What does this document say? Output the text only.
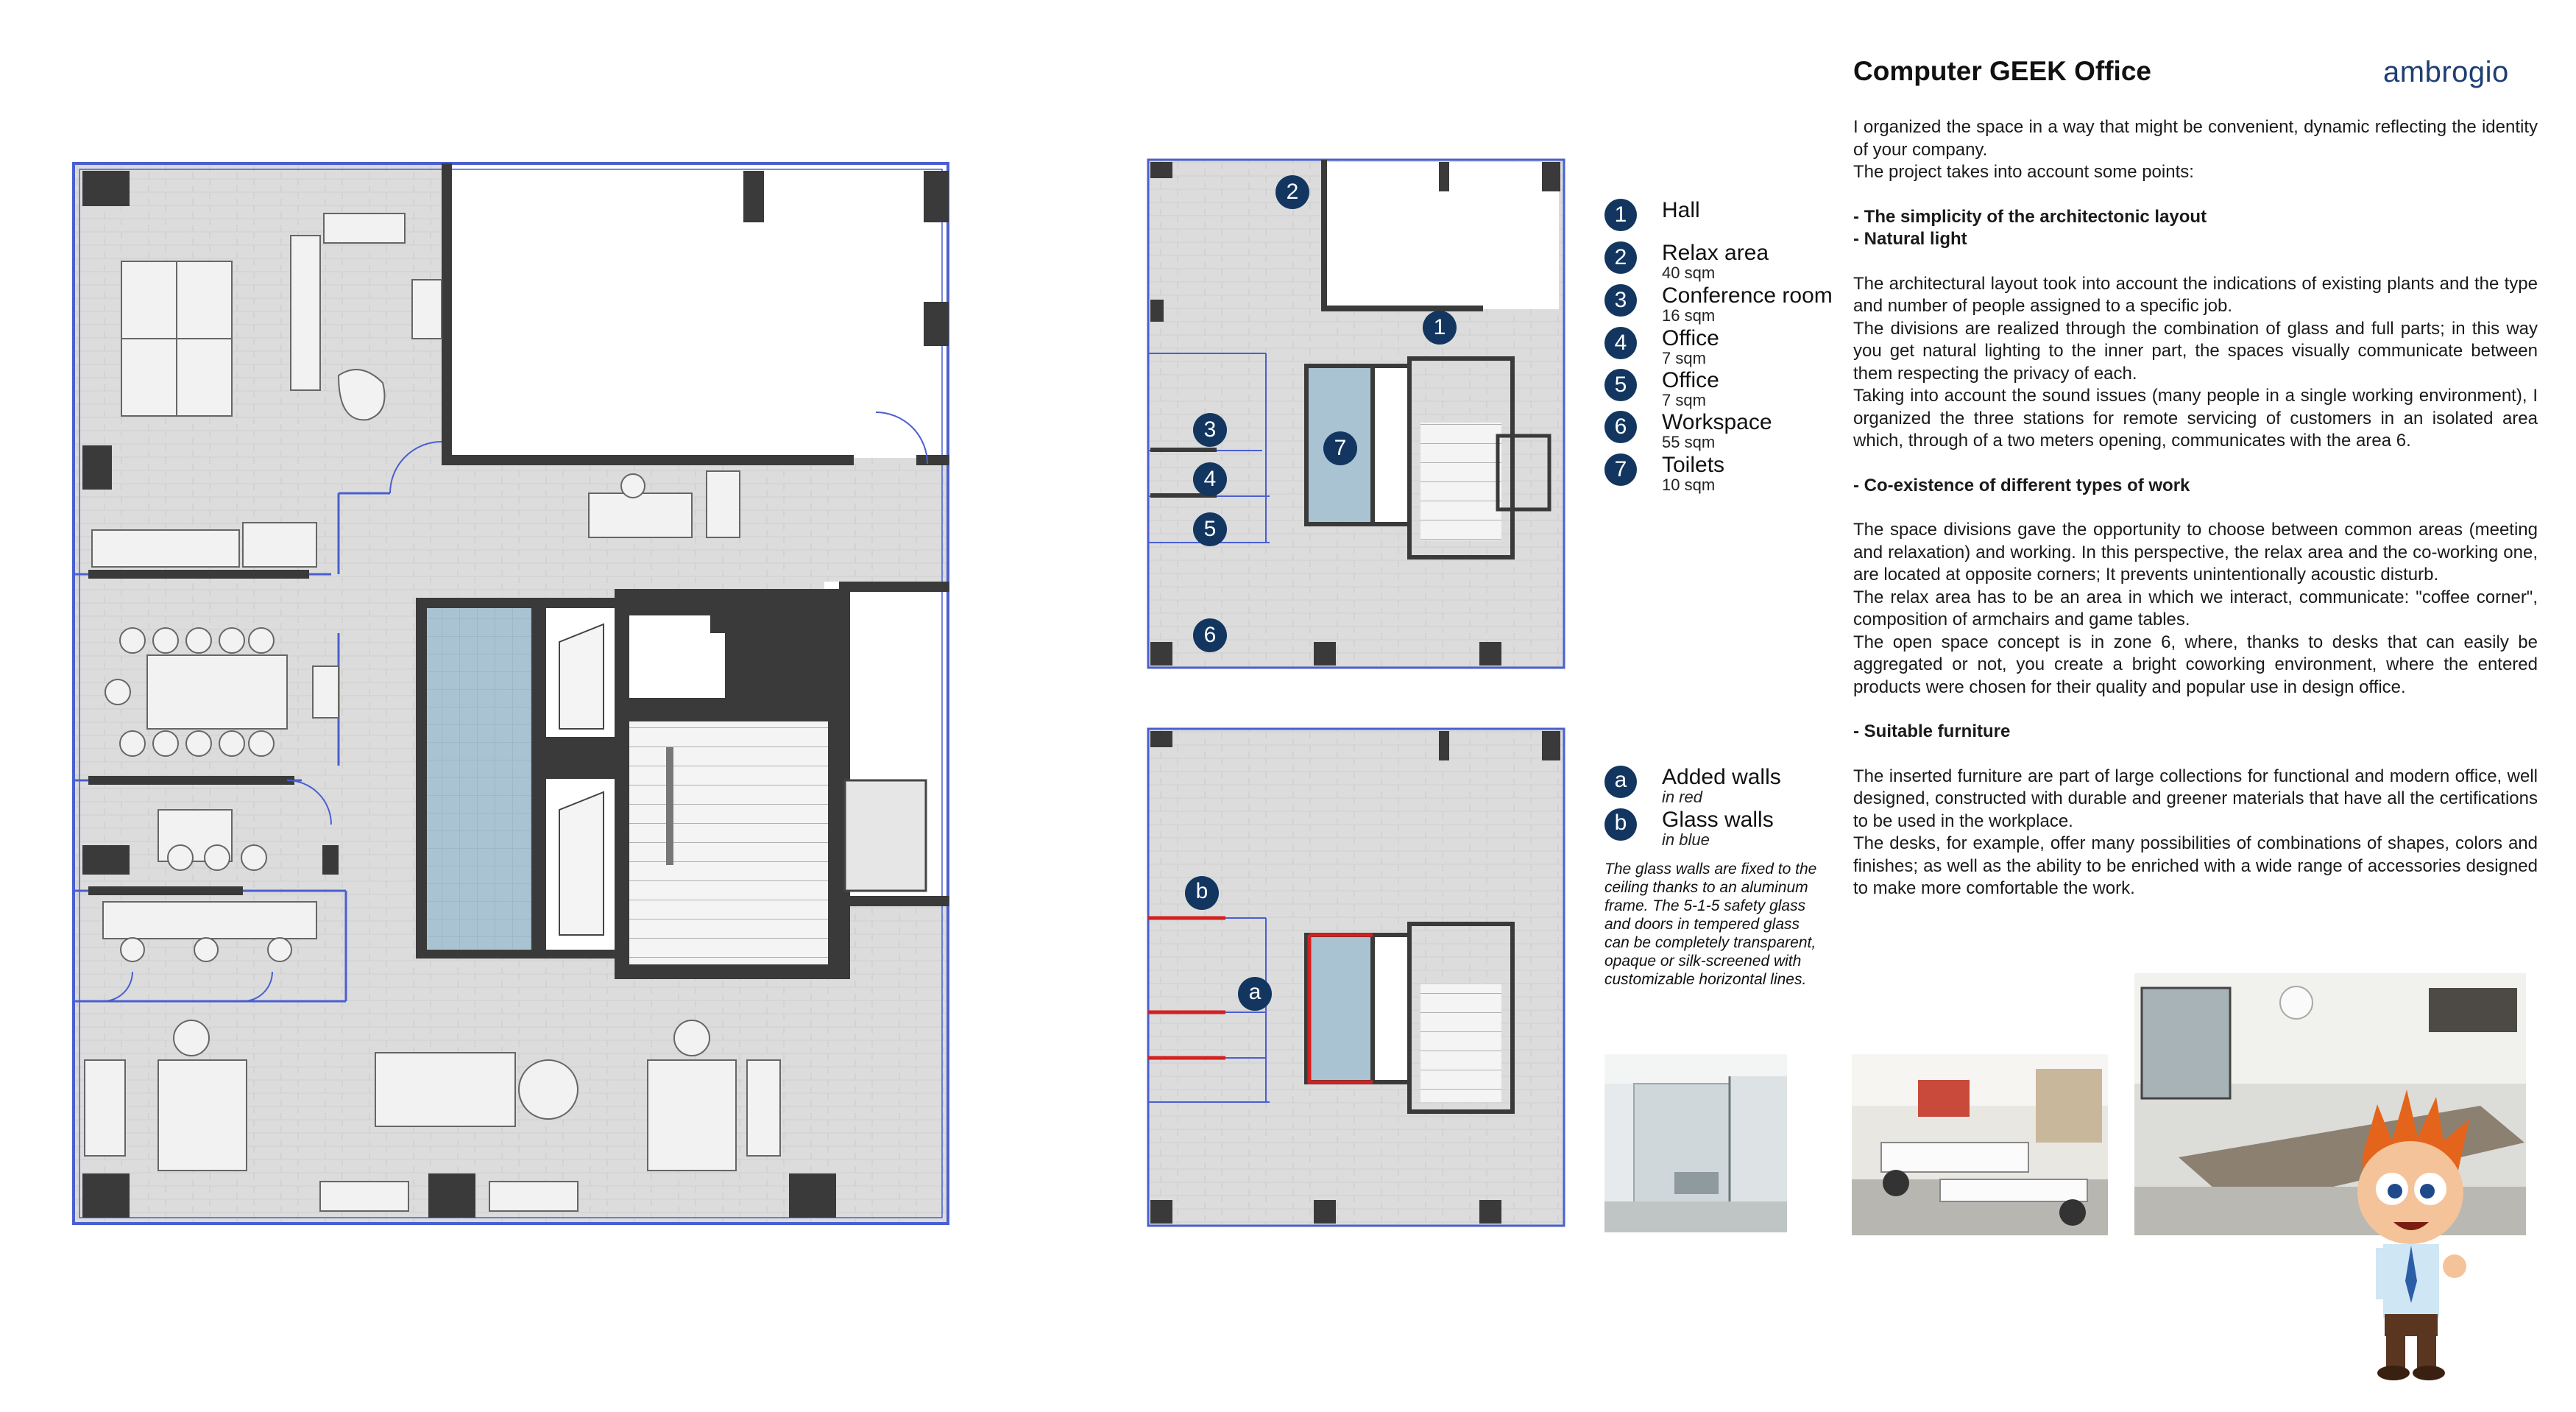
2
1
3
4
5
6
7
b
a
1	Hall
2	Relax area
40 sqm
3	Conference room
16 sqm
4	Office
7 sqm
5	Office
7 sqm
6	Workspace
55 sqm
7	Toilets
10 sqm
a	Added walls
in red
b	Glass walls
in blue
The glass walls are fixed to the ceiling thanks to an aluminum frame. The 5-1-5 safety glass and doors in tempered glass can be completely transparent, opaque or silk-screened with customizable horizontal lines.
Computer GEEK Office	ambrogio

I organized the space in a way that might be convenient, dynamic reflecting the identity of your company.

The project takes into account some points:

- The simplicity of the architectonic layout

- Natural light

The architectural layout took into account the indications of existing plants and the type and number of people assigned to a specific job.

The divisions are realized through the combination of glass and full parts; in this way you get natural lighting to the inner part, the spaces visually communicate between them respecting the privacy of each.

Taking into account the sound issues (many people in a single working environment), I organized the three stations for remote servicing of customers in an isolated area which, through of a two meters opening, communicates with the area 6.

- Co-existence of different types of work

The space divisions gave the opportunity to choose between common areas (meeting and relaxation) and working. In this perspective, the relax area and the co-working one, are located at opposite corners; It prevents unintentionally acoustic disturb.

The relax area has to be an area in which we interact, communicate: "coffee corner", composition of armchairs and game tables.

The open space concept is in zone 6, where, thanks to desks that can easily be aggregated or not, you create a bright coworking environment, where the entered products were chosen for their quality and popular use in design office.

- Suitable furniture

The inserted furniture are part of large collections for functional and modern office, well designed, constructed with durable and greener materials that have all the certifications to be used in the workplace.

The desks, for example, offer many possibilities of combinations of shapes, colors and finishes; as well as the ability to be enriched with a wide range of accessories designed to make more comfortable the work.
